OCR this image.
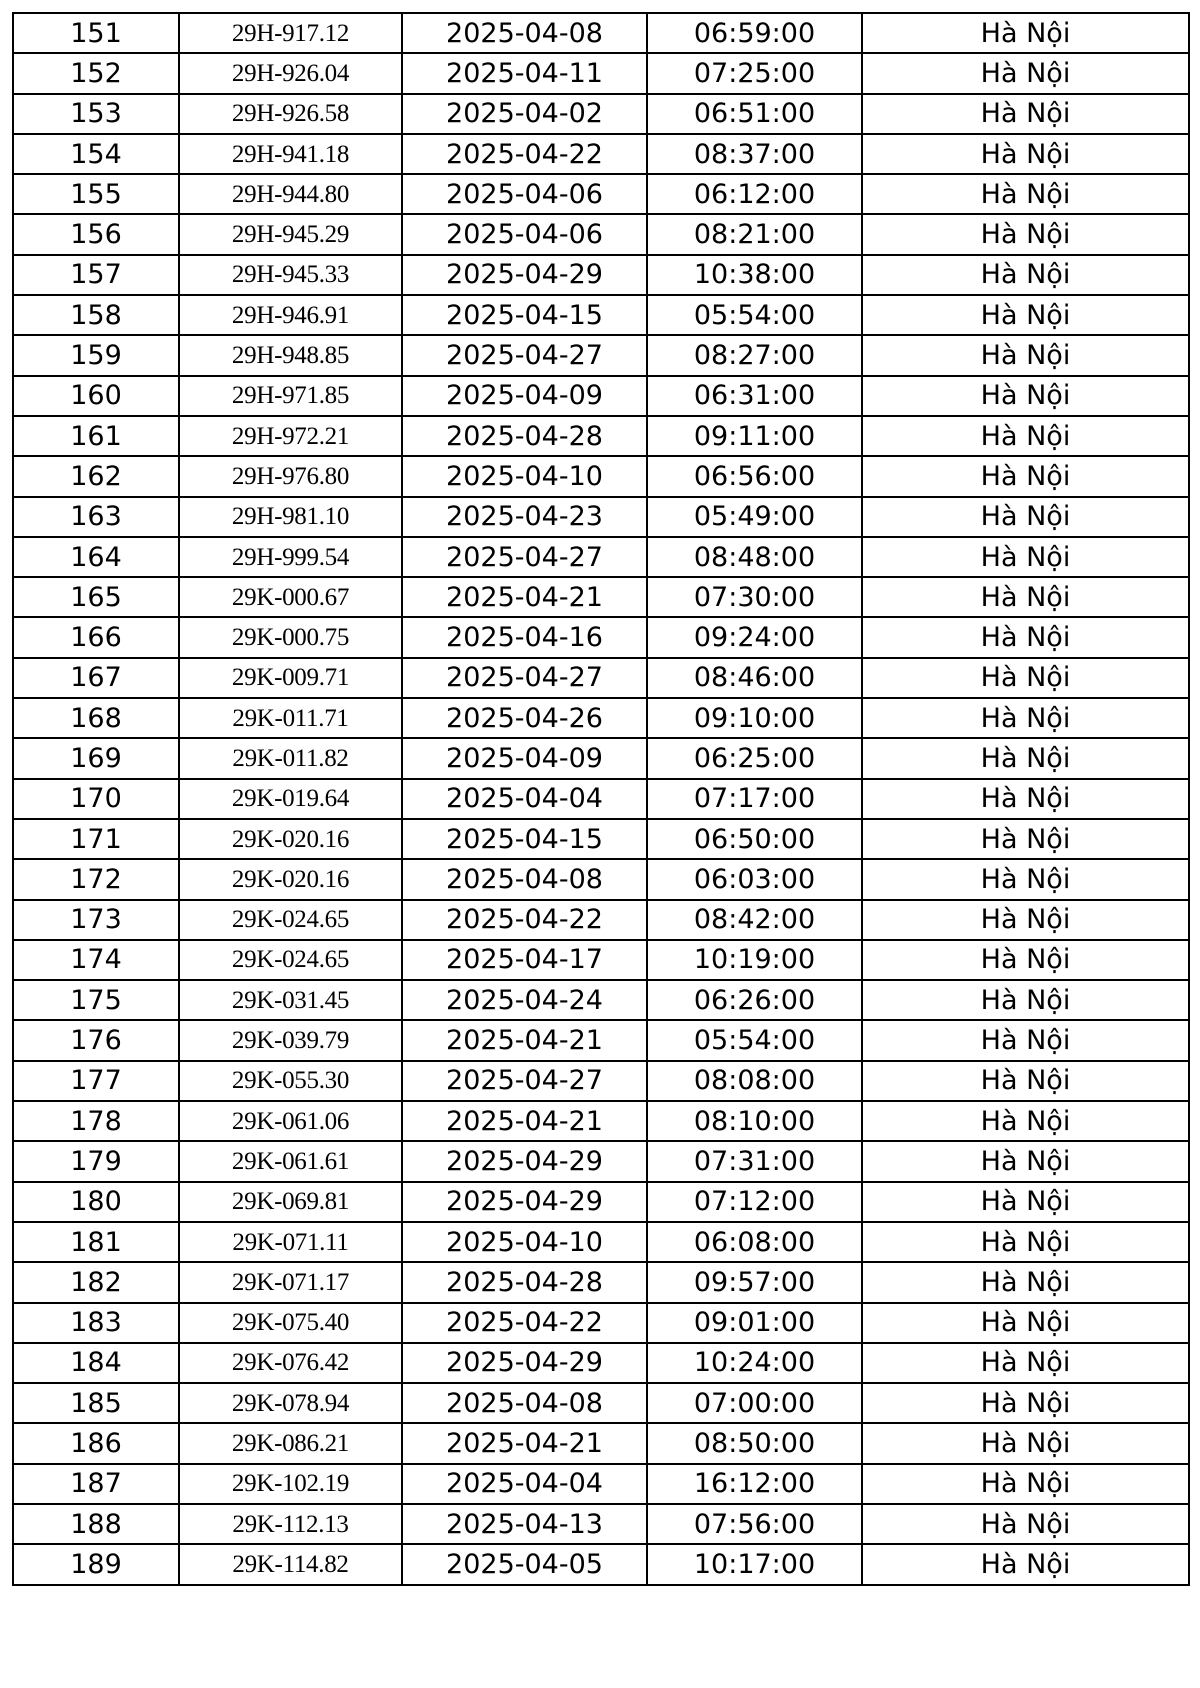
151	29H-917.12	2025-04-08	06:59:00	Hà Nội
152	29H-926.04	2025-04-11	07:25:00	Hà Nội
153	29H-926.58	2025-04-02	06:51:00	Hà Nội
154	29H-941.18	2025-04-22	08:37:00	Hà Nội
155	29H-944.80	2025-04-06	06:12:00	Hà Nội
156	29H-945.29	2025-04-06	08:21:00	Hà Nội
157	29H-945.33	2025-04-29	10:38:00	Hà Nội
158	29H-946.91	2025-04-15	05:54:00	Hà Nội
159	29H-948.85	2025-04-27	08:27:00	Hà Nội
160	29H-971.85	2025-04-09	06:31:00	Hà Nội
161	29H-972.21	2025-04-28	09:11:00	Hà Nội
162	29H-976.80	2025-04-10	06:56:00	Hà Nội
163	29H-981.10	2025-04-23	05:49:00	Hà Nội
164	29H-999.54	2025-04-27	08:48:00	Hà Nội
165	29K-000.67	2025-04-21	07:30:00	Hà Nội
166	29K-000.75	2025-04-16	09:24:00	Hà Nội
167	29K-009.71	2025-04-27	08:46:00	Hà Nội
168	29K-011.71	2025-04-26	09:10:00	Hà Nội
169	29K-011.82	2025-04-09	06:25:00	Hà Nội
170	29K-019.64	2025-04-04	07:17:00	Hà Nội
171	29K-020.16	2025-04-15	06:50:00	Hà Nội
172	29K-020.16	2025-04-08	06:03:00	Hà Nội
173	29K-024.65	2025-04-22	08:42:00	Hà Nội
174	29K-024.65	2025-04-17	10:19:00	Hà Nội
175	29K-031.45	2025-04-24	06:26:00	Hà Nội
176	29K-039.79	2025-04-21	05:54:00	Hà Nội
177	29K-055.30	2025-04-27	08:08:00	Hà Nội
178	29K-061.06	2025-04-21	08:10:00	Hà Nội
179	29K-061.61	2025-04-29	07:31:00	Hà Nội
180	29K-069.81	2025-04-29	07:12:00	Hà Nội
181	29K-071.11	2025-04-10	06:08:00	Hà Nội
182	29K-071.17	2025-04-28	09:57:00	Hà Nội
183	29K-075.40	2025-04-22	09:01:00	Hà Nội
184	29K-076.42	2025-04-29	10:24:00	Hà Nội
185	29K-078.94	2025-04-08	07:00:00	Hà Nội
186	29K-086.21	2025-04-21	08:50:00	Hà Nội
187	29K-102.19	2025-04-04	16:12:00	Hà Nội
188	29K-112.13	2025-04-13	07:56:00	Hà Nội
189	29K-114.82	2025-04-05	10:17:00	Hà Nội
